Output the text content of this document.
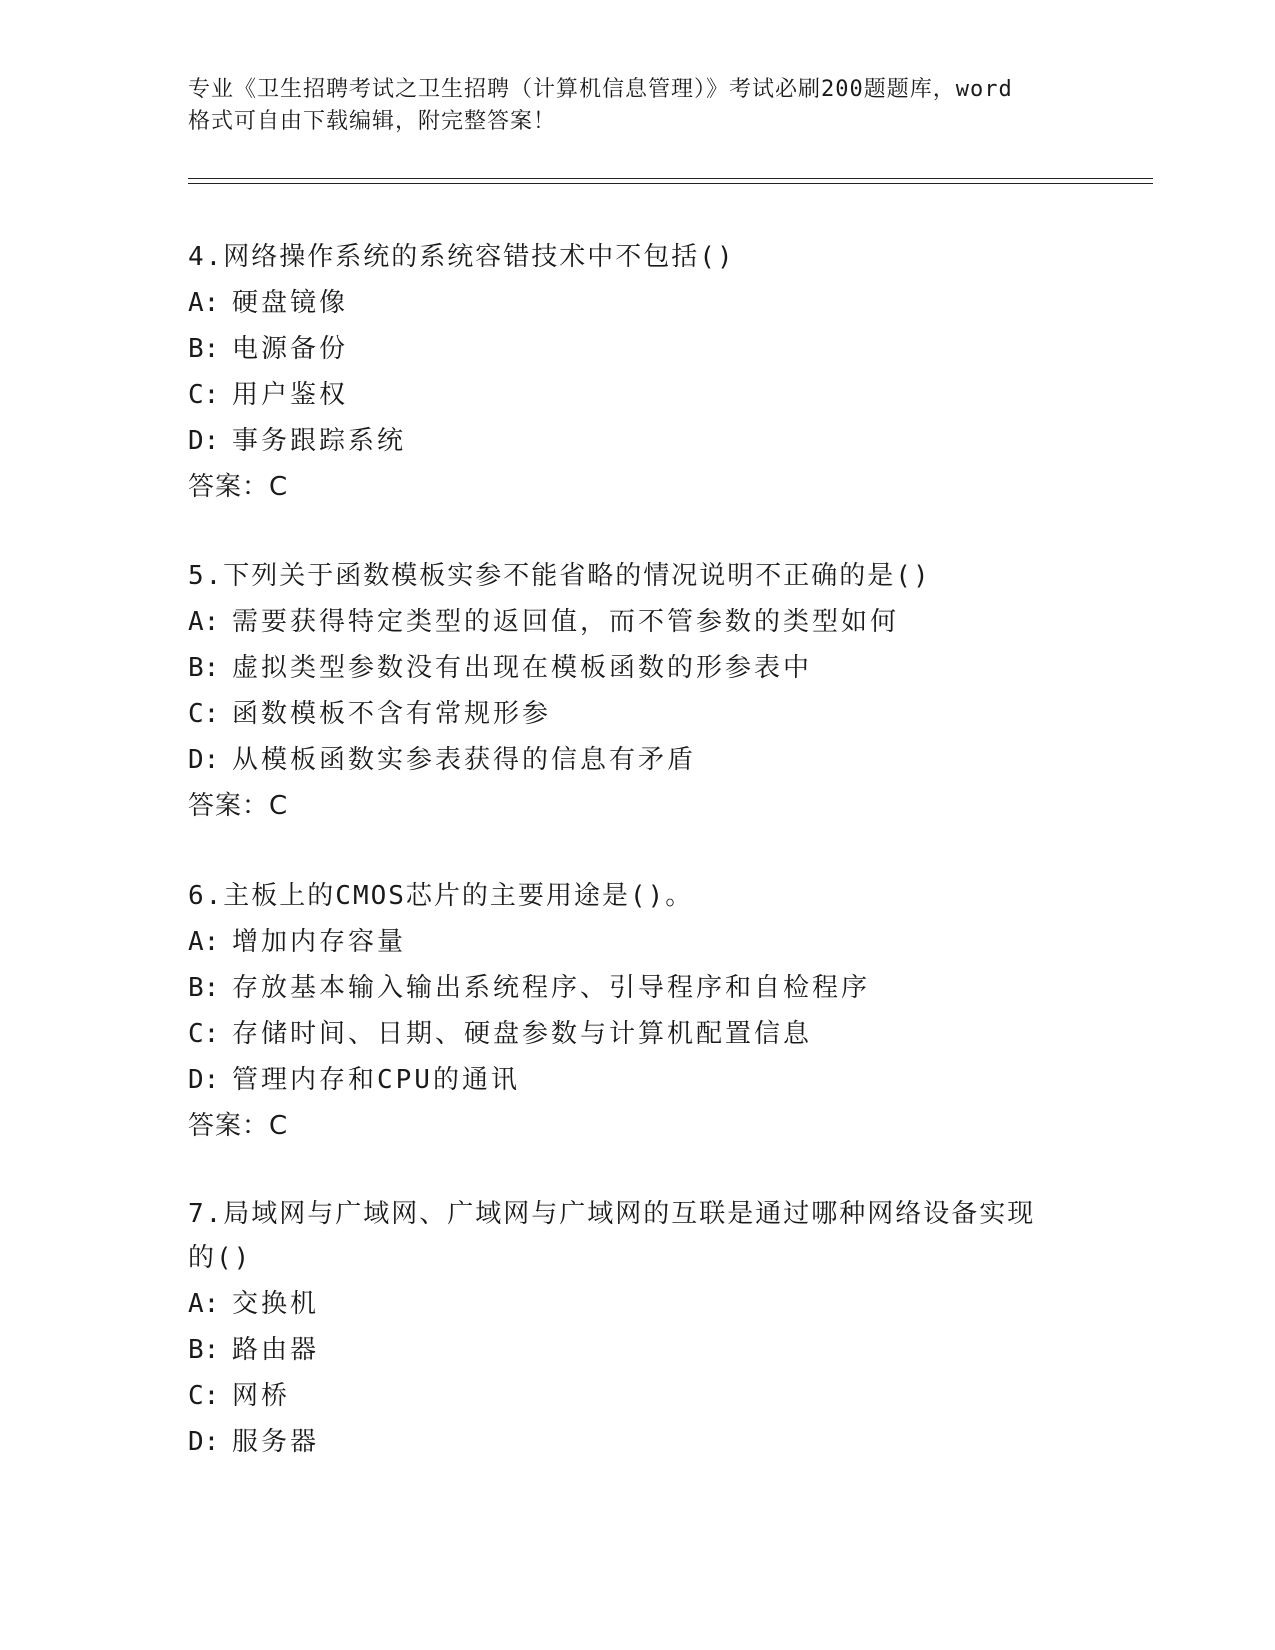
专业《卫生招聘考试之卫生招聘（计算机信息管理）》考试必刷200题题库，word
格式可自由下载编辑，附完整答案！
4.网络操作系统的系统容错技术中不包括()
A: 硬盘镜像
B: 电源备份
C: 用户鉴权
D: 事务跟踪系统
答案：C
5.下列关于函数模板实参不能省略的情况说明不正确的是()
A: 需要获得特定类型的返回值，而不管参数的类型如何
B: 虚拟类型参数没有出现在模板函数的形参表中
C: 函数模板不含有常规形参
D: 从模板函数实参表获得的信息有矛盾
答案：C
6.主板上的CMOS芯片的主要用途是()。
A: 增加内存容量
B: 存放基本输入输出系统程序、引导程序和自检程序
C: 存储时间、日期、硬盘参数与计算机配置信息
D: 管理内存和CPU的通讯
答案：C
7.局域网与广域网、广域网与广域网的互联是通过哪种网络设备实现
的()
A: 交换机
B: 路由器
C: 网桥
D: 服务器
